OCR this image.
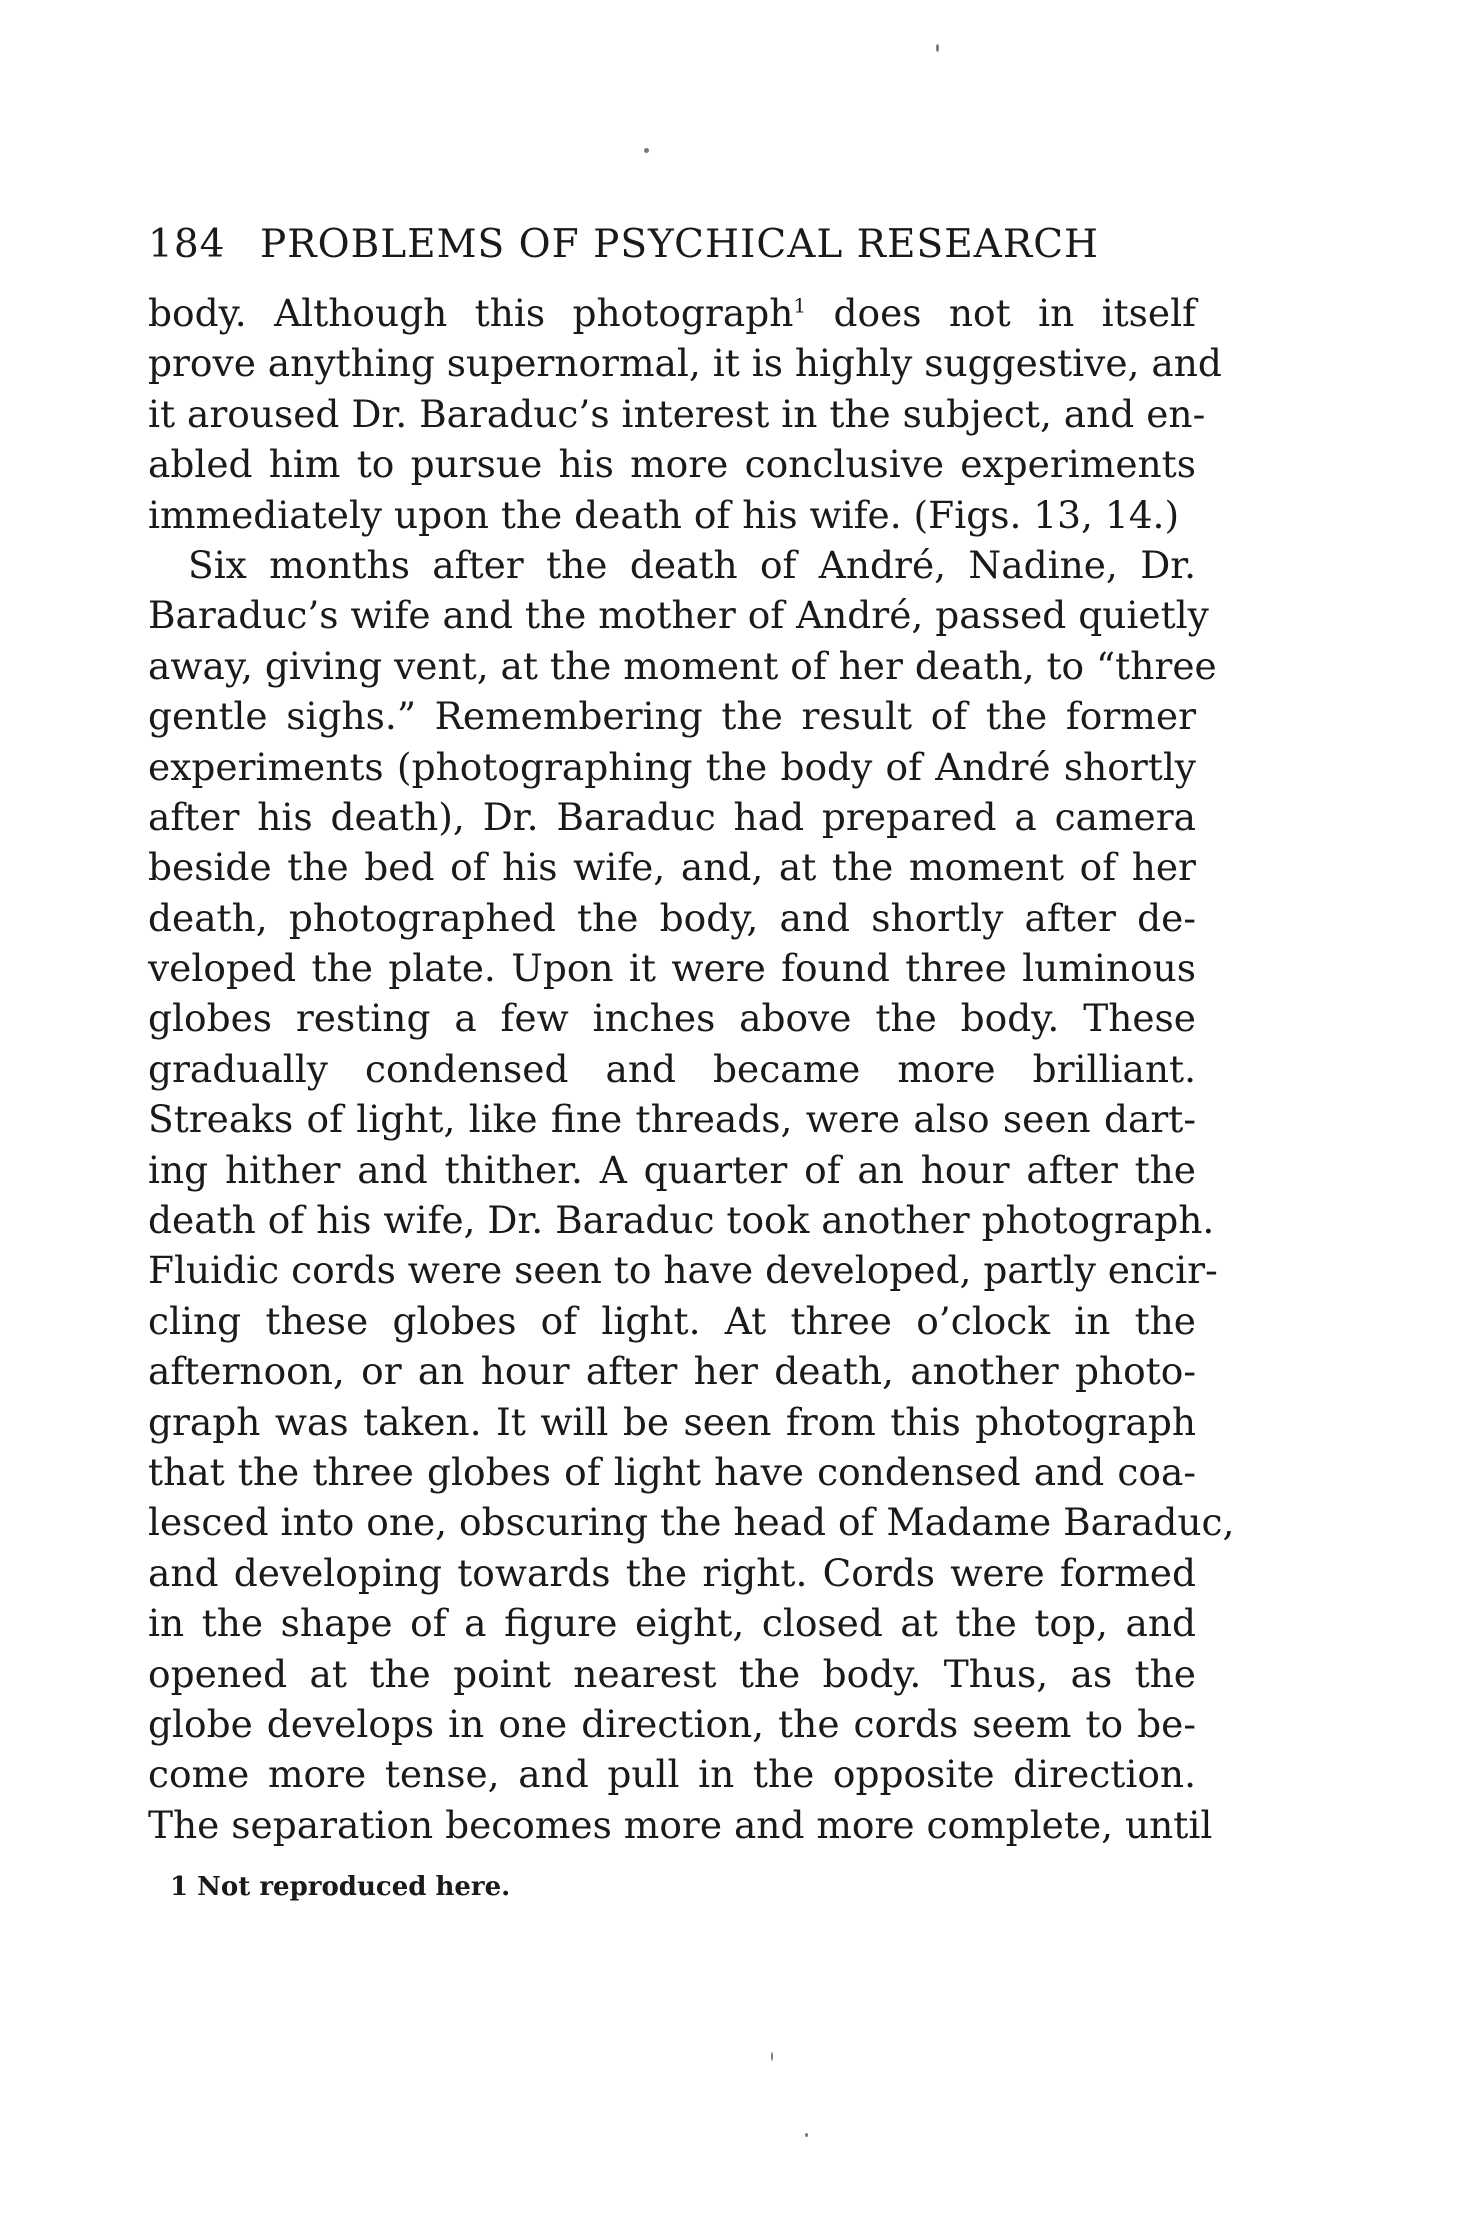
184 PROBLEMS OF PSYCHICAL RESEARCH
body. Although this photograph$^1$ does not in itself
prove anything supernormal, it is highly suggestive, and
it aroused Dr. Baraduc’s interest in the subject, and en-
abled him to pursue his more conclusive experiments
immediately upon the death of his wife. (Figs. 13, 14.)
Six months after the death of André, Nadine, Dr.
Baraduc’s wife and the mother of André, passed quietly
away, giving vent, at the moment of her death, to “three
gentle sighs.” Remembering the result of the former
experiments (photographing the body of André shortly
after his death), Dr. Baraduc had prepared a camera
beside the bed of his wife, and, at the moment of her
death, photographed the body, and shortly after de-
veloped the plate. Upon it were found three luminous
globes resting a few inches above the body. These
gradually condensed and became more brilliant.
Streaks of light, like fine threads, were also seen dart-
ing hither and thither. A quarter of an hour after the
death of his wife, Dr. Baraduc took another photograph.
Fluidic cords were seen to have developed, partly encir-
cling these globes of light. At three o’clock in the
afternoon, or an hour after her death, another photo-
graph was taken. It will be seen from this photograph
that the three globes of light have condensed and coa-
lesced into one, obscuring the head of Madame Baraduc,
and developing towards the right. Cords were formed
in the shape of a figure eight, closed at the top, and
opened at the point nearest the body. Thus, as the
globe develops in one direction, the cords seem to be-
come more tense, and pull in the opposite direction.
The separation becomes more and more complete, until
1 Not reproduced here.
